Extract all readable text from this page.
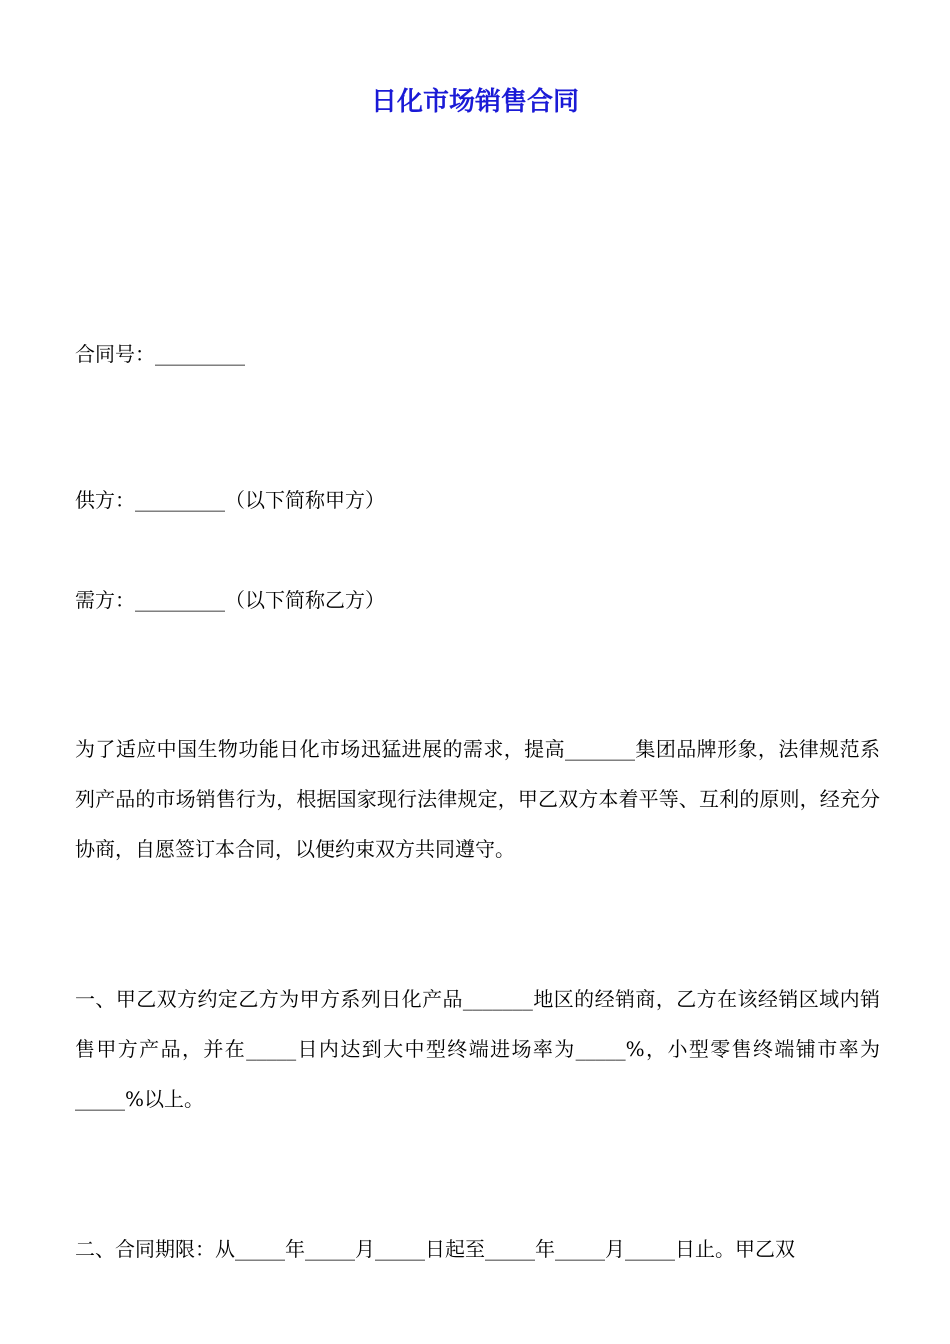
日化市场销售合同
合同号：_________
供方：_________（以下简称甲方）
需方：_________（以下简称乙方）
为了适应中国生物功能日化市场迅猛进展的需求，提高_______集团品牌形象，法律规范系列产品的市场销售行为，根据国家现行法律规定，甲乙双方本着平等、互利的原则，经充分协商，自愿签订本合同，以便约束双方共同遵守。
一、甲乙双方约定乙方为甲方系列日化产品_______地区的经销商，乙方在该经销区域内销售甲方产品，并在_____日内达到大中型终端进场率为_____%，小型零售终端铺市率为_____%以上。
二、合同期限：从_____年_____月_____日起至_____年_____月_____日止。甲乙双
